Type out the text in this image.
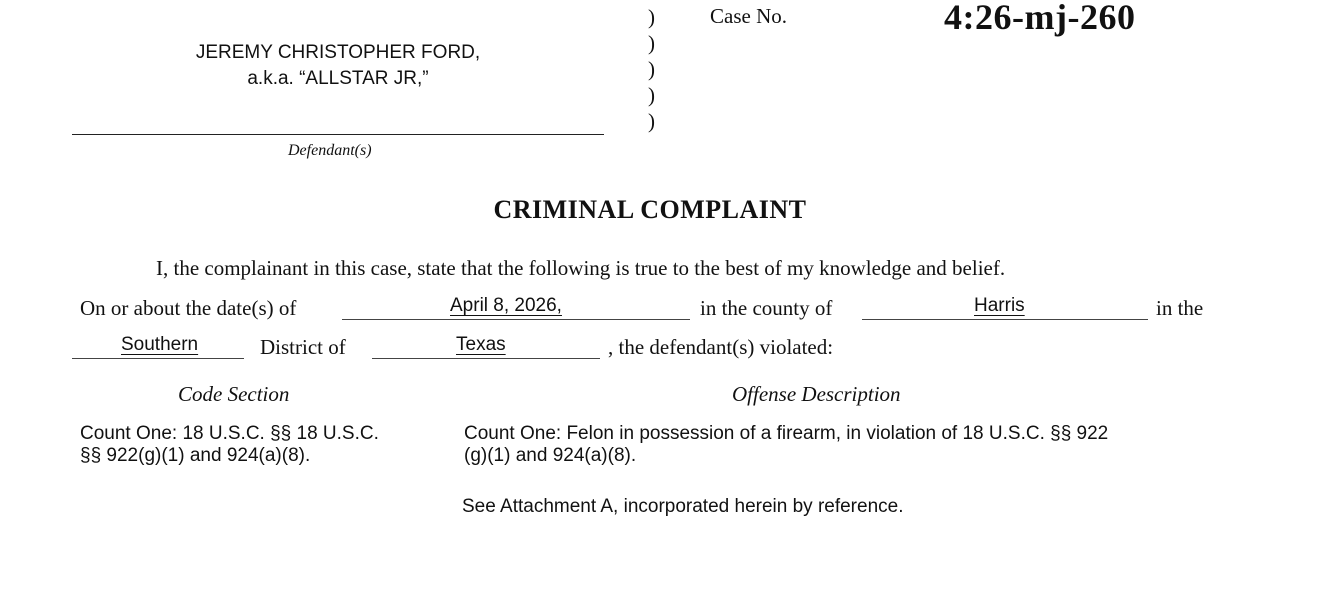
JEREMY CHRISTOPHER FORD,
a.k.a. “ALLSTAR JR,”
Defendant(s)
)
)
)
)
)
Case No.	4:26-mj-260
CRIMINAL COMPLAINT
I, the complainant in this case, state that the following is true to the best of my knowledge and belief.
On or about the date(s) of	April 8, 2026,	in the county of	Harris	in the
Southern	District of	Texas	, the defendant(s) violated:
Code Section	Offense Description
Count One: 18 U.S.C. §§ 18 U.S.C.
§§ 922(g)(1) and 924(a)(8).
Count One: Felon in possession of a firearm, in violation of 18 U.S.C. §§ 922
(g)(1) and 924(a)(8).
See Attachment A, incorporated herein by reference.
